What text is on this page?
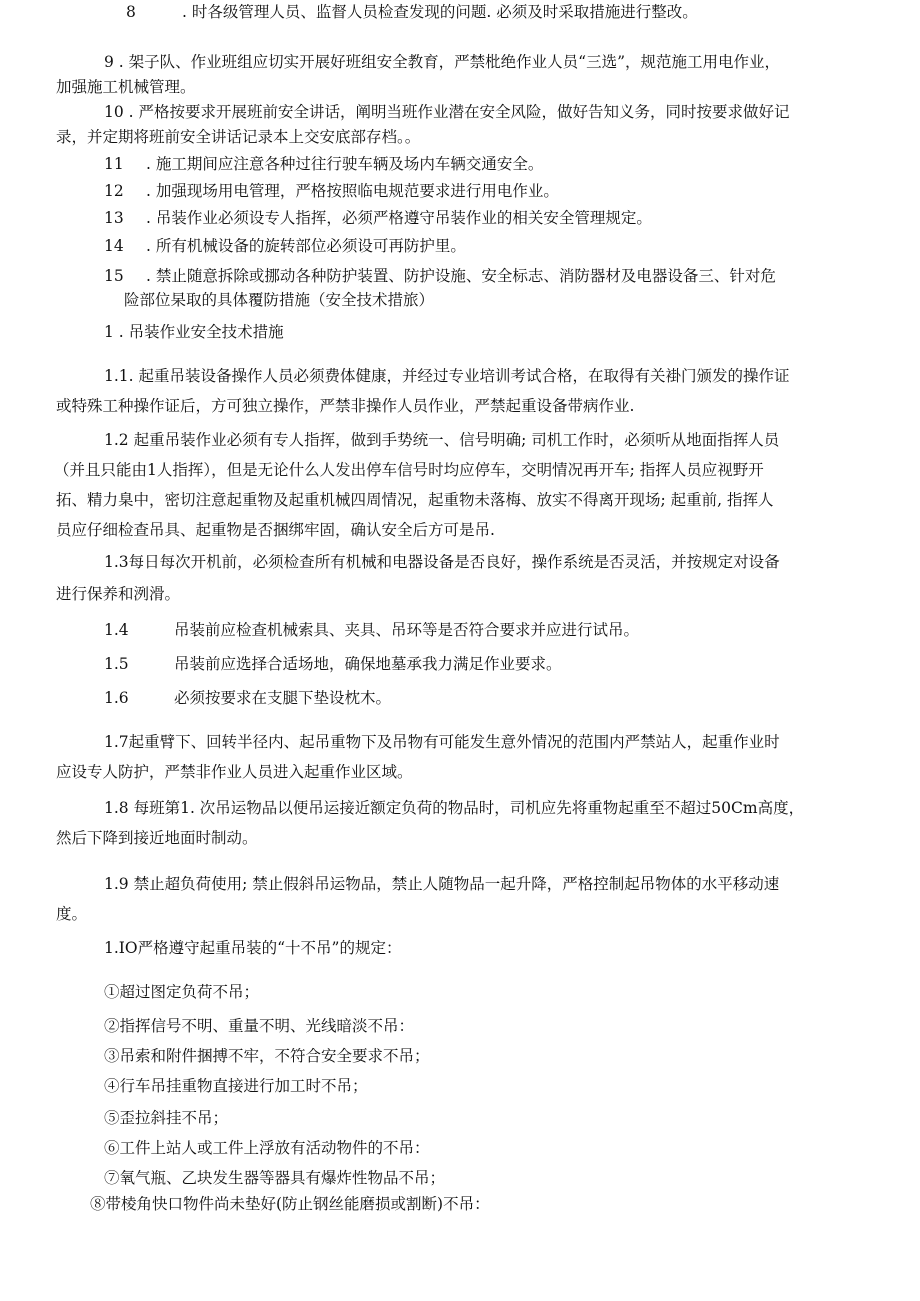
8	. 时各级管理人员、监督人员检查发现的问题. 必须及时采取措施进行整改。
9 . 架子队、作业班组应切实开展好班组安全教育，严禁枇绝作业人员“三选”，规范施工用电作业，
加强施工机械管理。
10 . 严格按要求开展班前安全讲话，阐明当班作业潜在安全风险，做好告知义务，同时按要求做好记
录，并定期将班前安全讲话记录本上交安底部存档。。
11 . 施工期间应注意各种过往行驶车辆及场内车辆交通安全。
12 . 加强现场用电管理，严格按照临电规范要求进行用电作业。
13 . 吊装作业必须设专人指挥，必须严格遵守吊装作业的相关安全管理规定。
14 . 所有机械设备的旋转部位必须设可再防护里。
15 . 禁止随意拆除或挪动各种防护装置、防护设施、安全标志、消防器材及电器设备三、针对危
险部位杲取的具体覆防措施（安全技术措旅）
1 . 吊装作业安全技术措施
1.1. 起重吊装设备操作人员必须费体健康，并经过专业培训考试合格，在取得有关褂门颁发的操作证
或特殊工种操作证后，方可独立操作，严禁非操作人员作业，严禁起重设备带病作业.
1.2 起重吊装作业必须有专人指挥，做到手势统一、信号明确; 司机工作时，必须听从地面指挥人员
（并且只能由1人指挥），但是无论什么人发出停车信号时均应停车，交明情况再开车; 指挥人员应视野开
拓、精力臬中，密切注意起重物及起重机械四周情况，起重物未落梅、放实不得离开现场; 起重前, 指挥人
员应仔细检查吊具、起重物是否捆绑牢固，确认安全后方可是吊.
1.3每日每次开机前，必须检查所有机械和电器设备是否良好，操作系统是否灵活，并按规定对设备
进行保养和洌滑。
1.4	吊装前应检查机械索具、夹具、吊环等是否符合要求并应进行试吊。
1.5	吊装前应选择合适场地，确保地墓承我力满足作业要求。
1.6	必须按要求在支腿下垫设枕木。
1.7起重臂下、回转半径内、起吊重物下及吊物有可能发生意外情况的范围内严禁站人，起重作业时
应设专人防护，严禁非作业人员进入起重作业区域。
1.8 每班第1. 次吊运物品以便吊运接近额定负荷的物品时，司机应先将重物起重至不超过50Cm高度，
然后下降到接近地面时制动。
1.9 禁止超负荷使用; 禁止假斜吊运物品，禁止人随物品一起升降，严格控制起吊物体的水平移动速
度。
1.IO严格遵守起重吊装的“十不吊”的规定：
①超过图定负荷不吊；
②指挥信号不明、重量不明、光线暗淡不吊：
③吊索和附件捆搏不牢，不符合安全要求不吊；
④行车吊挂重物直接进行加工时不吊；
⑤歪拉斜挂不吊；
⑥工件上站人或工件上浮放有活动物件的不吊：
⑦氧气瓶、乙块发生器等器具有爆炸性物品不吊；
⑧带棱角快口物件尚未垫好(防止钢丝能磨损或割断)不吊：
